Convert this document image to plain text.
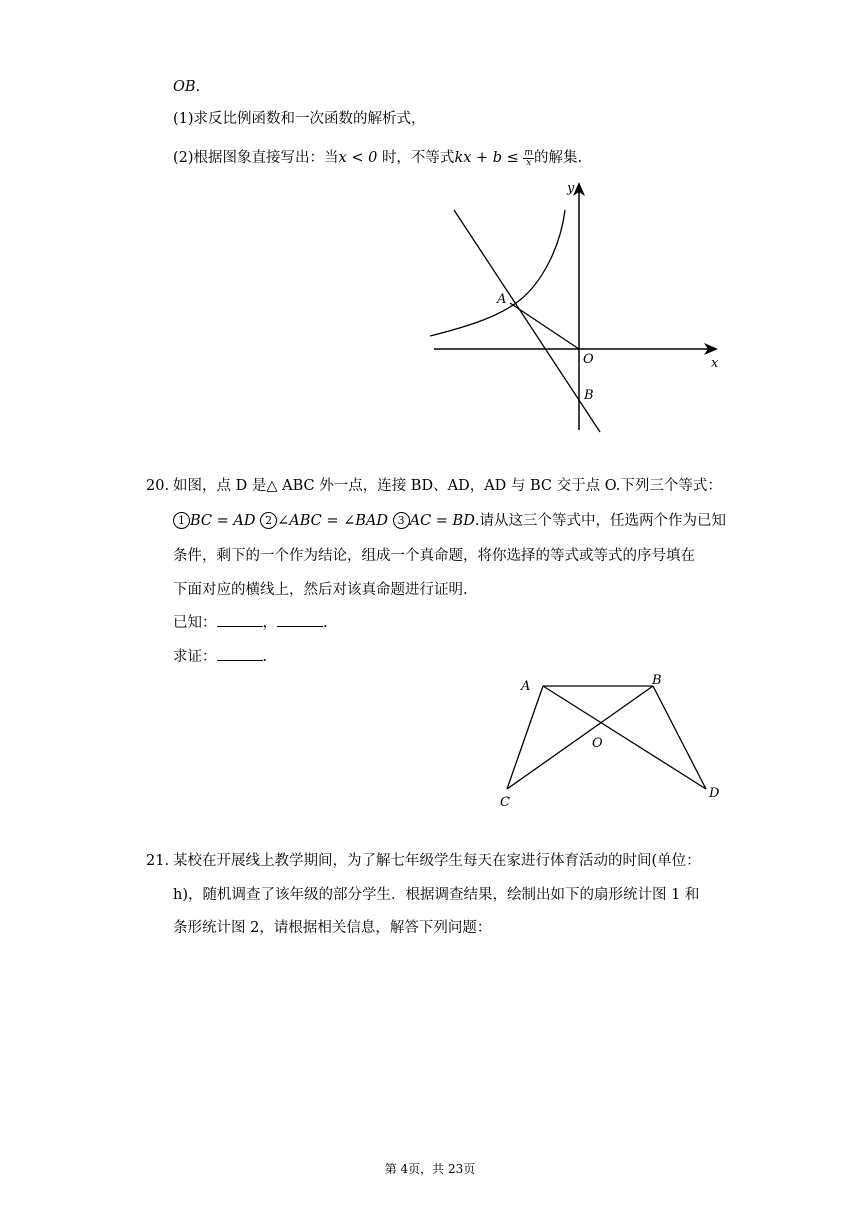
OB.
(1)求反比例函数和一次函数的解析式，
(2)根据图象直接写出：当x < 0 时，不等式kx + $b \le \frac{m}{x}$ 的解集.
y
x
A
O
B
20. 如图，点 D 是△ ABC 外一点，连接 BD、AD，AD 与 BC 交于点 O.下列三个等式：
1 BC = AD 2 ∠ABC = ∠BAD 3 AC = BD.请从这三个等式中，任选两个作为已知
条件，剩下的一个作为结论，组成一个真命题，将你选择的等式或等式的序号填在
下面对应的横线上，然后对该真命题进行证明.
已知：	，	.
求证：	.
A	B
O
C
D
21. 某校在开展线上教学期间，为了解七年级学生每天在家进行体育活动的时间(单位：
h)，随机调查了该年级的部分学生．根据调查结果，绘制出如下的扇形统计图 1 和
条形统计图 2，请根据相关信息，解答下列问题：
第 4页，共 23页
